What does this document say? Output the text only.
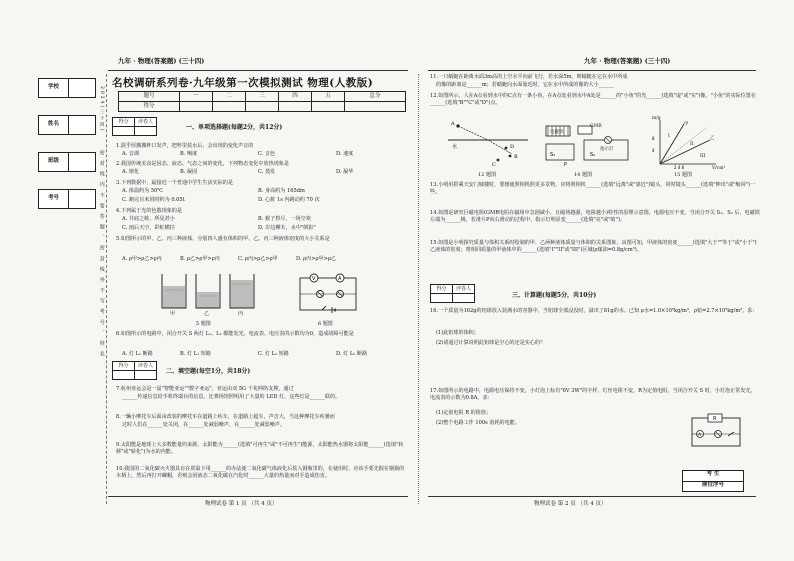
九年 · 物理(答案题) (三十四)	九年 · 物理(答案题) (三十四)
学校
姓名
班级
考号
2024(三十四)
密 封 线 内 不 要 答 题 、 密 封 线 外 不 写 考 号 、 姓 名
名校调研系列卷·九年级第一次模拟测试 物理(人教版)
题号	一	二	三	四	五	总分
得分						
得分	评卷人

一、单项选择题(每题2分，共12分)
1.混乎厚搬搬杯口发声，把杯里装水后，会出现的变化声音的
A. 音调	B. 响度	C. 音色	D. 速度
2.我国传统美食是因态、液态、气态之间的变化，下列物态变化中放热现象是
A. 熔化	B. 凝固	C. 蒸发	D. 凝华
3.下列数据中，最接近一个普通中学生生活实际的是
A. 体温约为 50℃	B. 身高约为 165dm
C. 跑完百米用时约为 0.05t	D. 心脏 1s 内跳动约 70 次
4.下列属于光的色散现象的是
A. 井底之蛙，所见甚小	B. 猴子捞月，一场空欢
C. 雨后天空，彩虹横挂	D. 岸边柳木，水中"倒影"
5.如图所示的甲、乙、丙三种液体，分别四人盛有体积的甲、乙、丙三种液体密度的大小关系是
A. ρ甲>ρ乙>ρ丙	B. ρ乙>ρ甲>ρ丙	C. ρ丙>ρ乙>ρ甲	D. ρ丙>ρ甲>ρ乙
甲	乙	丙
5 题图
V	A
6 题图
6.如图所示的电路中，闭合开关 S 两灯 L₁、L₂ 都能发光，电流表、电压表的示数均为0，造成故障可能是
A. 灯 L₁ 断路	B. 灯 L₁ 短路	C. 灯 L₂ 短路	D. 灯 L₂ 断路
得分	评卷人

二、填空题(每空1分，共18分)
7.杭州亚运会是一届"智能亚运""数字亚运"，亚运由双 5G 千兆网络支撑，通过
______传递信息给手机终端台的信息，比赛场馆照明用了大量的 LED 灯，这些灯是______联的。
8.一辆小摩托车后面由改装的摩托车在道路上疾车，在道路上超车，声音大，当这种摩托车疾驰而
过时人们在______处关闭，在______处减弱噪声，在______处减弱噪声。
9.太阳能是地球上大多数能量的来源，太阳能为______(选填"可再生"或"不可再生")能源，太阳能热水器将太阳能______(选填"转移"或"转化")为水的内能。
10.我国的二氧化碳灭火器具有在常温下用______的办法使二氧化碳气体液化后装入钢瓶里的，在使用时，应该手要先握在钢瓶的木柄上，然后再打开螺帽，否则会因液态二氧化碳在汽化时______大量的热量而对手造成伤害。
物理试卷 第 1 页 （共 4 页）
11.一只蜻蜓在距离水面3m高的上空水平向前飞行，若水深5m，则蜻蜓在它在水中所成
的像的距离是______m；若蜻蜓向水面靠近时，它在水中所成的像的大小______
12.如图所示，人在A点看到水中的C点有一条小鱼，在A点处看到水中A处是______的"小鱼"的光______(选填"虚"或"实")像，"小鱼"的实际位置在______(选填"B""C"或"D")点。
A
水
C
B
D
12 题图
S₁	S₂
P
电磁铁
GMR
指示灯
14 题图
4
8
2 4 6
m/g
V/cm³
甲
乙
I
II
III
15 题图
13.小明用搭乘天安门城楼时，要想使照相机照更多景物，应将照相机______(选填"远离"或"靠近")镜头，同时镜头______(选填"伸出"或"缩回")一些。
14.如图是研究巨磁电阻(GMR电阻在磁场中急剧减小，且磁场越强，电阻越小)特性的原理示意图，电源电压不变，当闭合开关 S₁、S₂ 后，电磁铁左端为______极，若滑片P向右滑动的过程中，指示灯明显变______(选填"亮"或"暗")。
15.如图是小明探究质量与体积关系时绘制的甲、乙两种液体质量与体积的关系图象，由图可知，甲液体的密度______(选填"大于""等于"或"小于")乙液体的密度；将相同质量的甲液体中的______(选填"I""II"或"III")区域(ρ煤油=0.8g/cm³)。
得分	评卷人

三、计算题(每题5分，共10分)
16.一个质量为162g的铝球放入装满水的容器中，当铝球全部浸没时，溢出了81g的水。已知 ρ水=1.0×10³kg/m³，ρ铝=2.7×10³kg/m³。求：
(1)此铝球的体积；
(2)请通过计算说明此铝球是空心的还是实心的？
17.如图所示的电路中，电源电压保持不变，小灯泡上标有"6V 3W"的字样，灯丝电阻不变，R为定值电阻。当闭合开关 S 时，小灯泡正常发光，电流表的示数为0.8A。求：
(1)定值电阻 R 的阻值；
(2)整个电路工作 100s 消耗的电能。
R
A
考 生
座位序号
物理试卷 第 2 页 （共 4 页）
